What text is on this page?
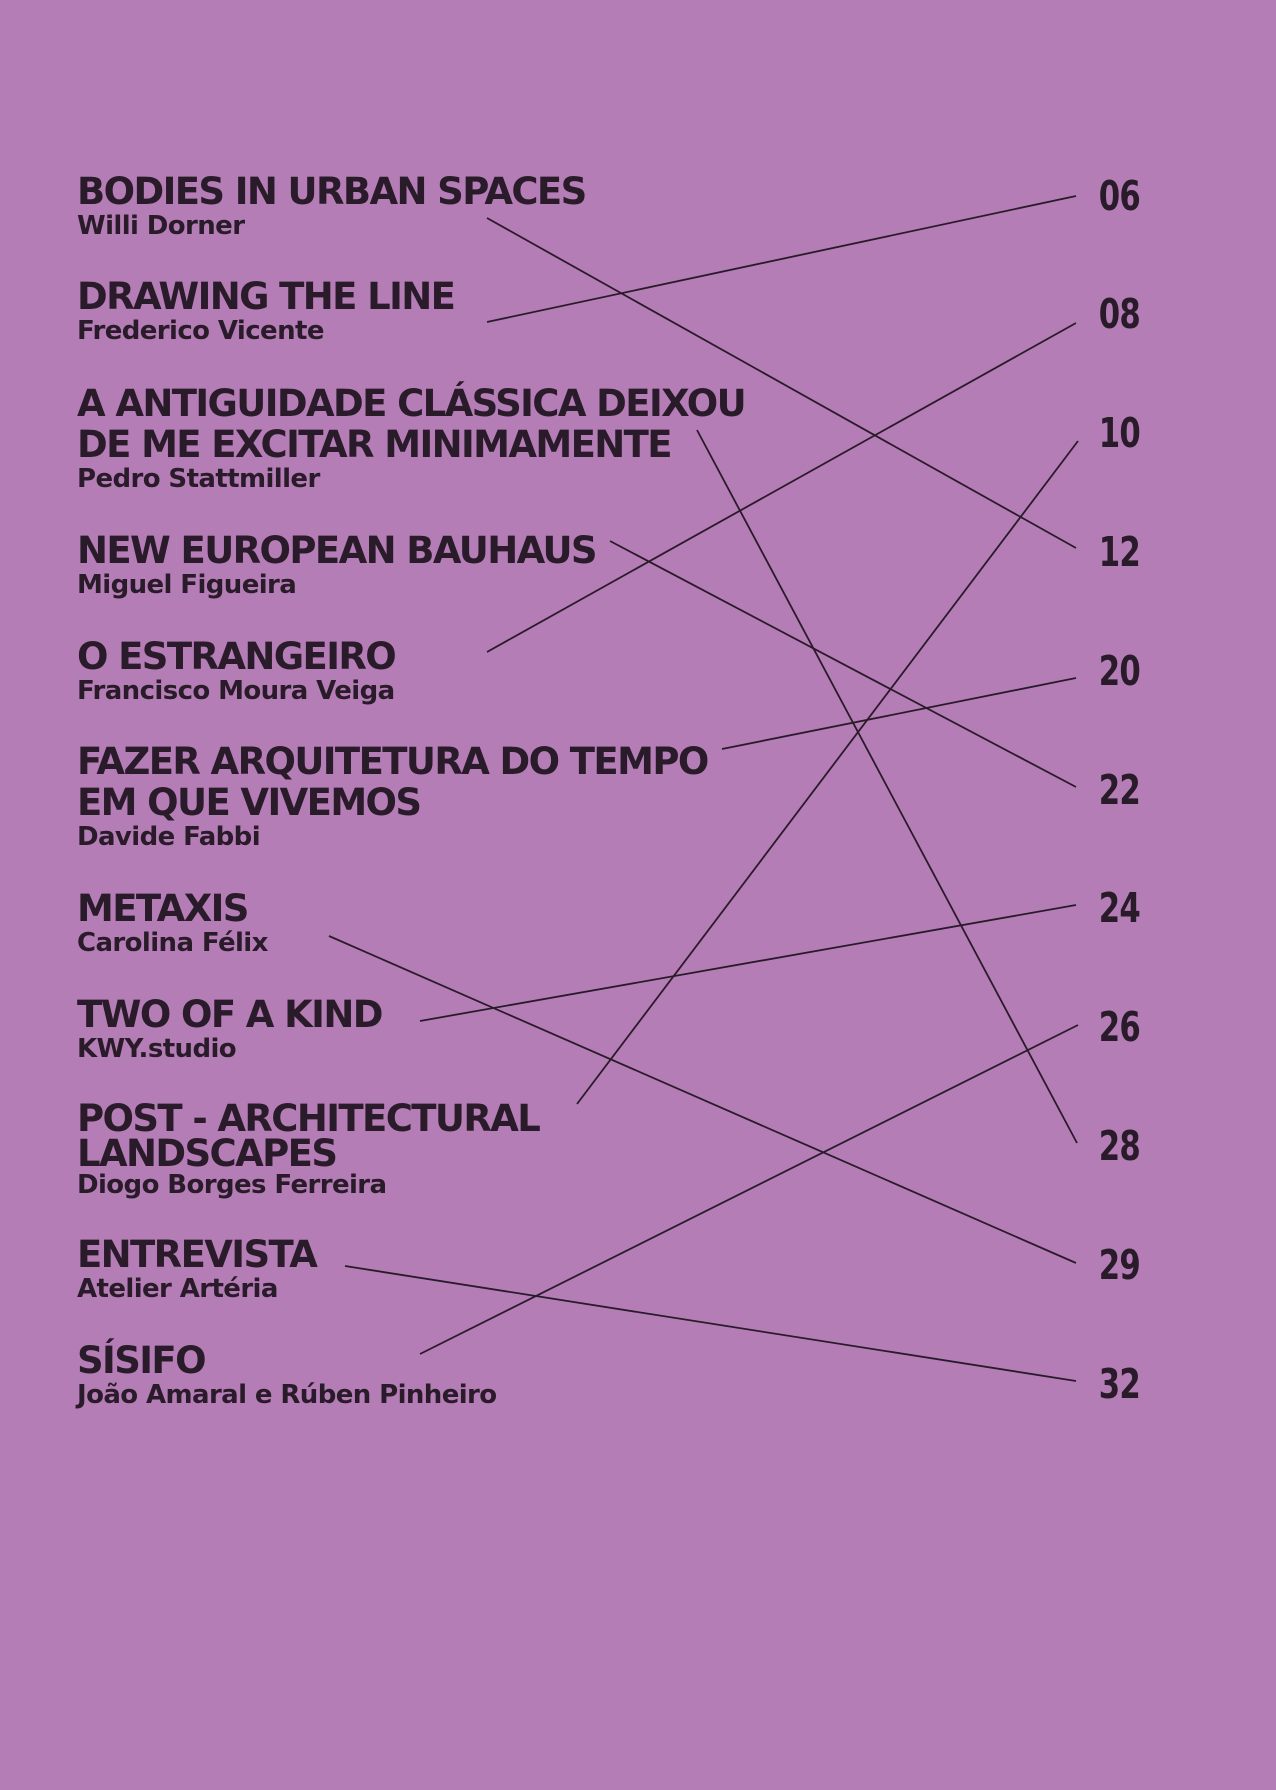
BODIES IN URBAN SPACES
Willi Dorner
DRAWING THE LINE
Frederico Vicente
A ANTIGUIDADE CLÁSSICA DEIXOU
DE ME EXCITAR MINIMAMENTE
Pedro Stattmiller
NEW EUROPEAN BAUHAUS
Miguel Figueira
O ESTRANGEIRO
Francisco Moura Veiga
FAZER ARQUITETURA DO TEMPO
EM QUE VIVEMOS
Davide Fabbi
METAXIS
Carolina Félix
TWO OF A KIND
KWY.studio
POST - ARCHITECTURAL
LANDSCAPES
Diogo Borges Ferreira
ENTREVISTA
Atelier Artéria
SÍSIFO
João Amaral e Rúben Pinheiro
06
08
10
12
20
22
24
26
28
29
32
